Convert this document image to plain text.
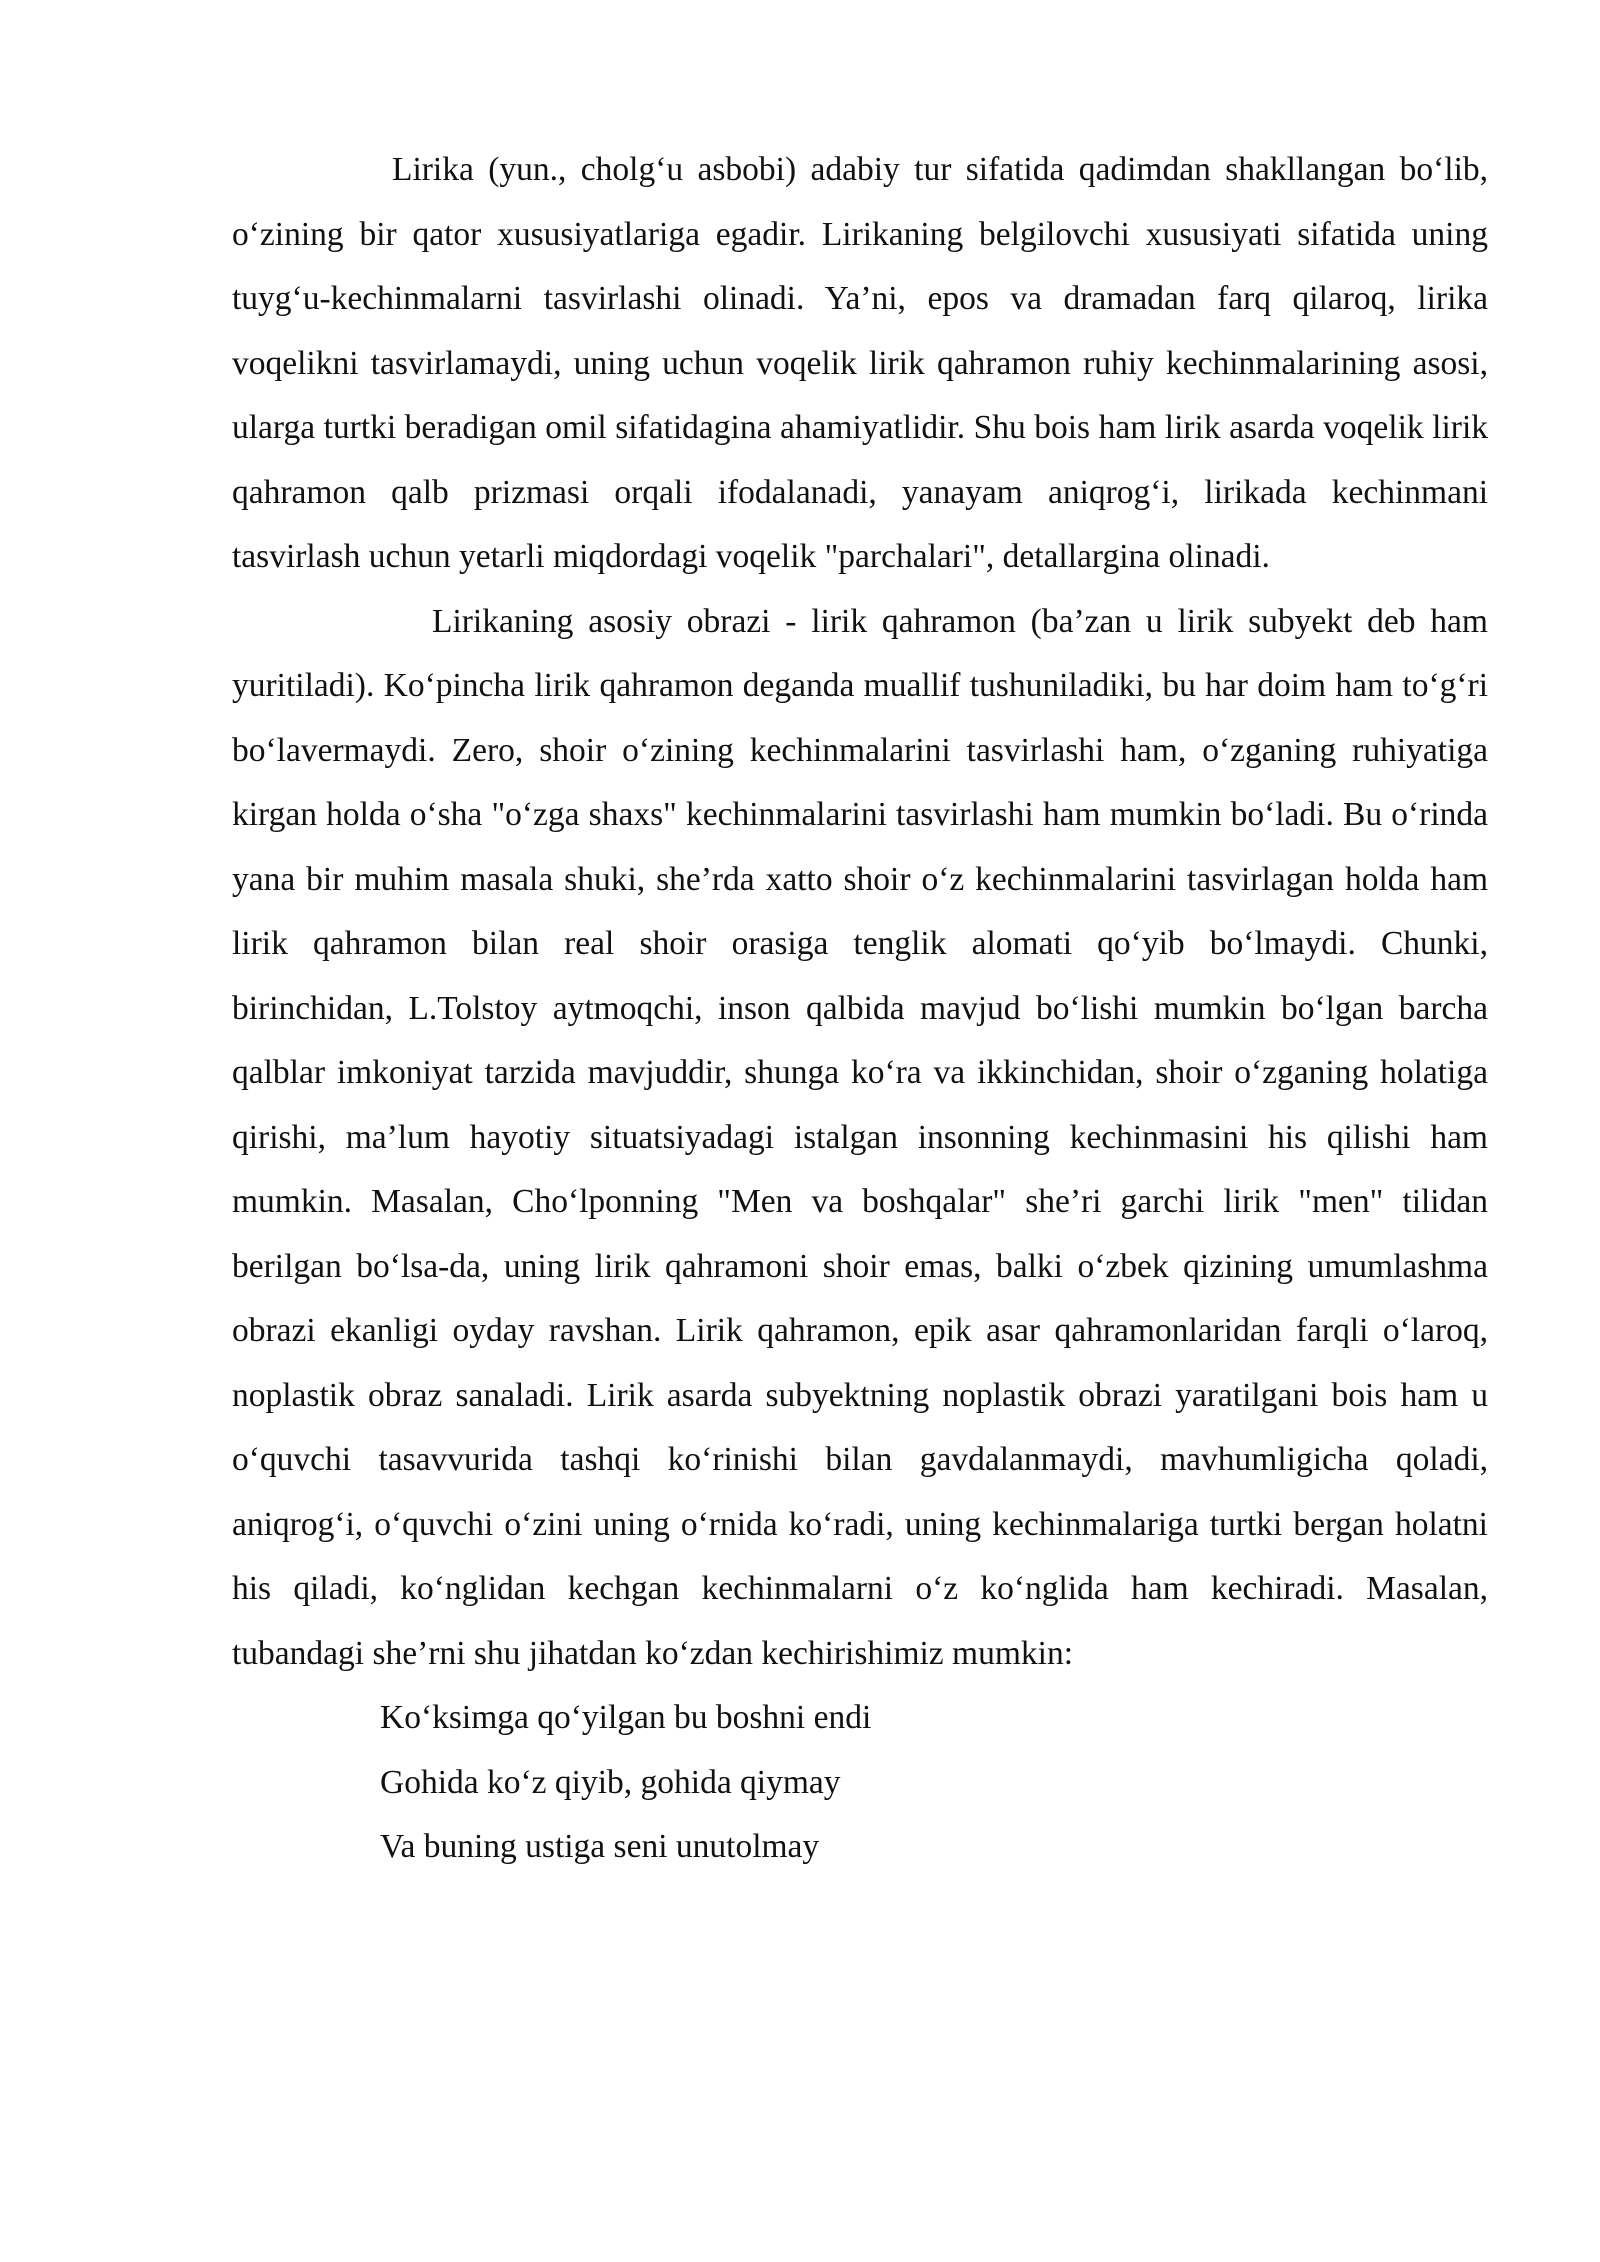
Lirika (yun., cholg‘u asbobi) adabiy tur sifatida qadimdan shakllangan bo‘lib, o‘zining bir qator xususiyatlariga egadir. Lirikaning belgilovchi xususiyati sifatida uning tuyg‘u-kechinmalarni tasvirlashi olinadi. Ya’ni, epos va dramadan farq qilaroq, lirika voqelikni tasvirlamaydi, uning uchun voqelik lirik qahramon ruhiy kechinmalarining asosi, ularga turtki beradigan omil sifatidagina ahamiyatlidir. Shu bois ham lirik asarda voqelik lirik qahramon qalb prizmasi orqali ifodalanadi, yanayam aniqrog‘i, lirikada kechinmani tasvirlash uchun yetarli miqdordagi voqelik "parchalari", detallargina olinadi.

Lirikaning asosiy obrazi - lirik qahramon (ba’zan u lirik subyekt deb ham yuritiladi). Ko‘pincha lirik qahramon deganda muallif tushuniladiki, bu har doim ham to‘g‘ri bo‘lavermaydi. Zero, shoir o‘zining kechinmalarini tasvirlashi ham, o‘zganing ruhiyatiga kirgan holda o‘sha "o‘zga shaxs" kechinmalarini tasvirlashi ham mumkin bo‘ladi. Bu o‘rinda yana bir muhim masala shuki, she’rda xatto shoir o‘z kechinmalarini tasvirlagan holda ham lirik qahramon bilan real shoir orasiga tenglik alomati qo‘yib bo‘lmaydi. Chunki, birinchidan, L.Tolstoy aytmoqchi, inson qalbida mavjud bo‘lishi mumkin bo‘lgan barcha qalblar imkoniyat tarzida mavjuddir, shunga ko‘ra va ikkinchidan, shoir o‘zganing holatiga qirishi, ma’lum hayotiy situatsiyadagi istalgan insonning kechinmasini his qilishi ham mumkin. Masalan, Cho‘lponning "Men va boshqalar" she’ri garchi lirik "men" tilidan berilgan bo‘lsa-da, uning lirik qahramoni shoir emas, balki o‘zbek qizining umumlashma obrazi ekanligi oyday ravshan. Lirik qahramon, epik asar qahramonlaridan farqli o‘laroq, noplastik obraz sanaladi. Lirik asarda subyektning noplastik obrazi yaratilgani bois ham u o‘quvchi tasavvurida tashqi ko‘rinishi bilan gavdalanmaydi, mavhumligicha qoladi, aniqrog‘i, o‘quvchi o‘zini uning o‘rnida ko‘radi, uning kechinmalariga turtki bergan holatni his qiladi, ko‘nglidan kechgan kechinmalarni o‘z ko‘nglida ham kechiradi. Masalan, tubandagi she’rni shu jihatdan ko‘zdan kechirishimiz mumkin:

Ko‘ksimga qo‘yilgan bu boshni endi
Gohida ko‘z qiyib, gohida qiymay
Va buning ustiga seni unutolmay
